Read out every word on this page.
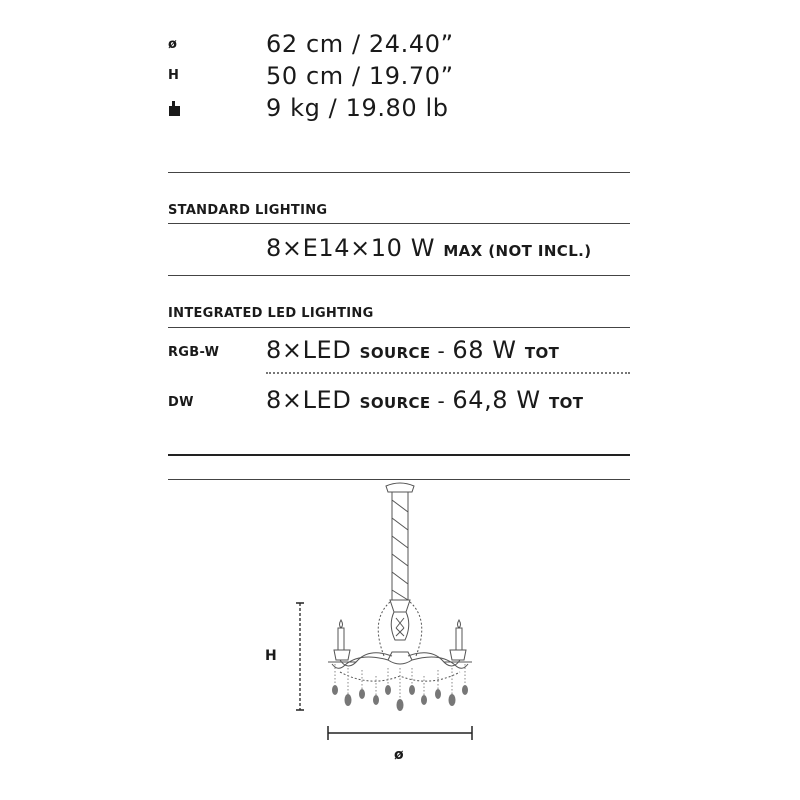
ø	62 cm / 24.40”
H	50 cm / 19.70”
9 kg / 19.80 lb
STANDARD LIGHTING
8×E14×10 W MAX (NOT INCL.)
INTEGRATED LED LIGHTING
RGB-W 8×LED SOURCE - 68 W TOT
DW	8×LED SOURCE - 64,8 W TOT
H
ø
